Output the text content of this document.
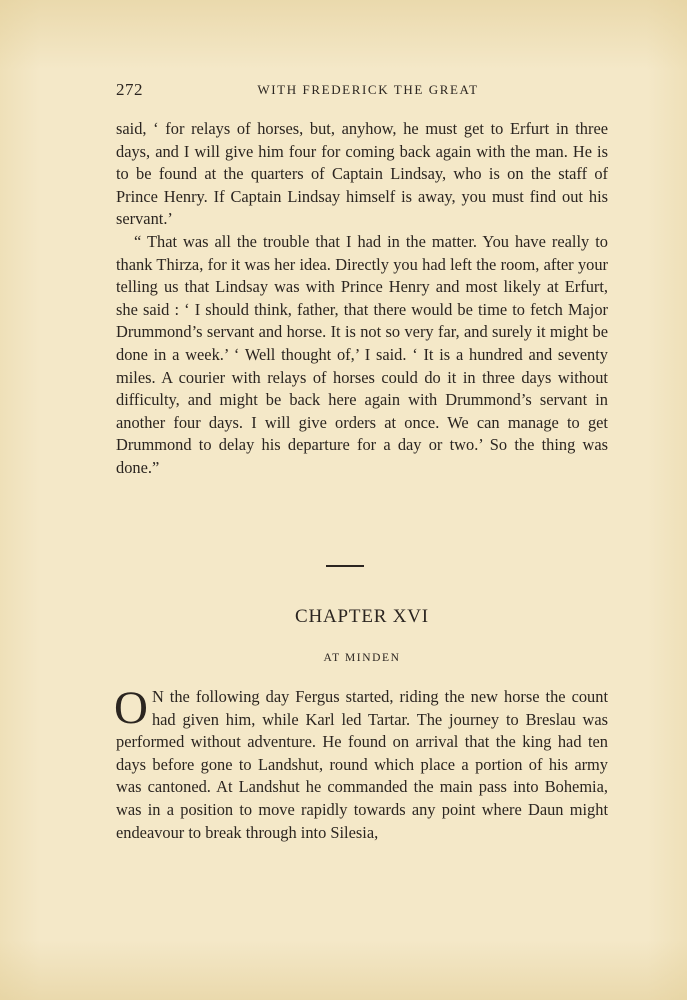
272	WITH FREDERICK THE GREAT

said, ‘ for relays of horses, but, anyhow, he must get to Erfurt in three days, and I will give him four for coming back again with the man. He is to be found at the quarters of Captain Lindsay, who is on the staff of Prince Henry. If Captain Lindsay himself is away, you must find out his servant.’

“ That was all the trouble that I had in the matter. You have really to thank Thirza, for it was her idea. Directly you had left the room, after your telling us that Lindsay was with Prince Henry and most likely at Erfurt, she said : ‘ I should think, father, that there would be time to fetch Major Drummond’s servant and horse. It is not so very far, and surely it might be done in a week.’ ‘ Well thought of,’ I said. ‘ It is a hundred and seventy miles. A courier with relays of horses could do it in three days without difficulty, and might be back here again with Drummond’s servant in another four days. I will give orders at once. We can manage to get Drummond to delay his departure for a day or two.’ So the thing was done.”

CHAPTER XVI
AT MINDEN

O N the following day Fergus started, riding the new horse the count had given him, while Karl led Tartar. The journey to Breslau was performed without adventure. He found on arrival that the king had ten days before gone to Landshut, round which place a portion of his army was cantoned. At Landshut he commanded the main pass into Bohemia, was in a position to move rapidly towards any point where Daun might endeavour to break through into Silesia,
